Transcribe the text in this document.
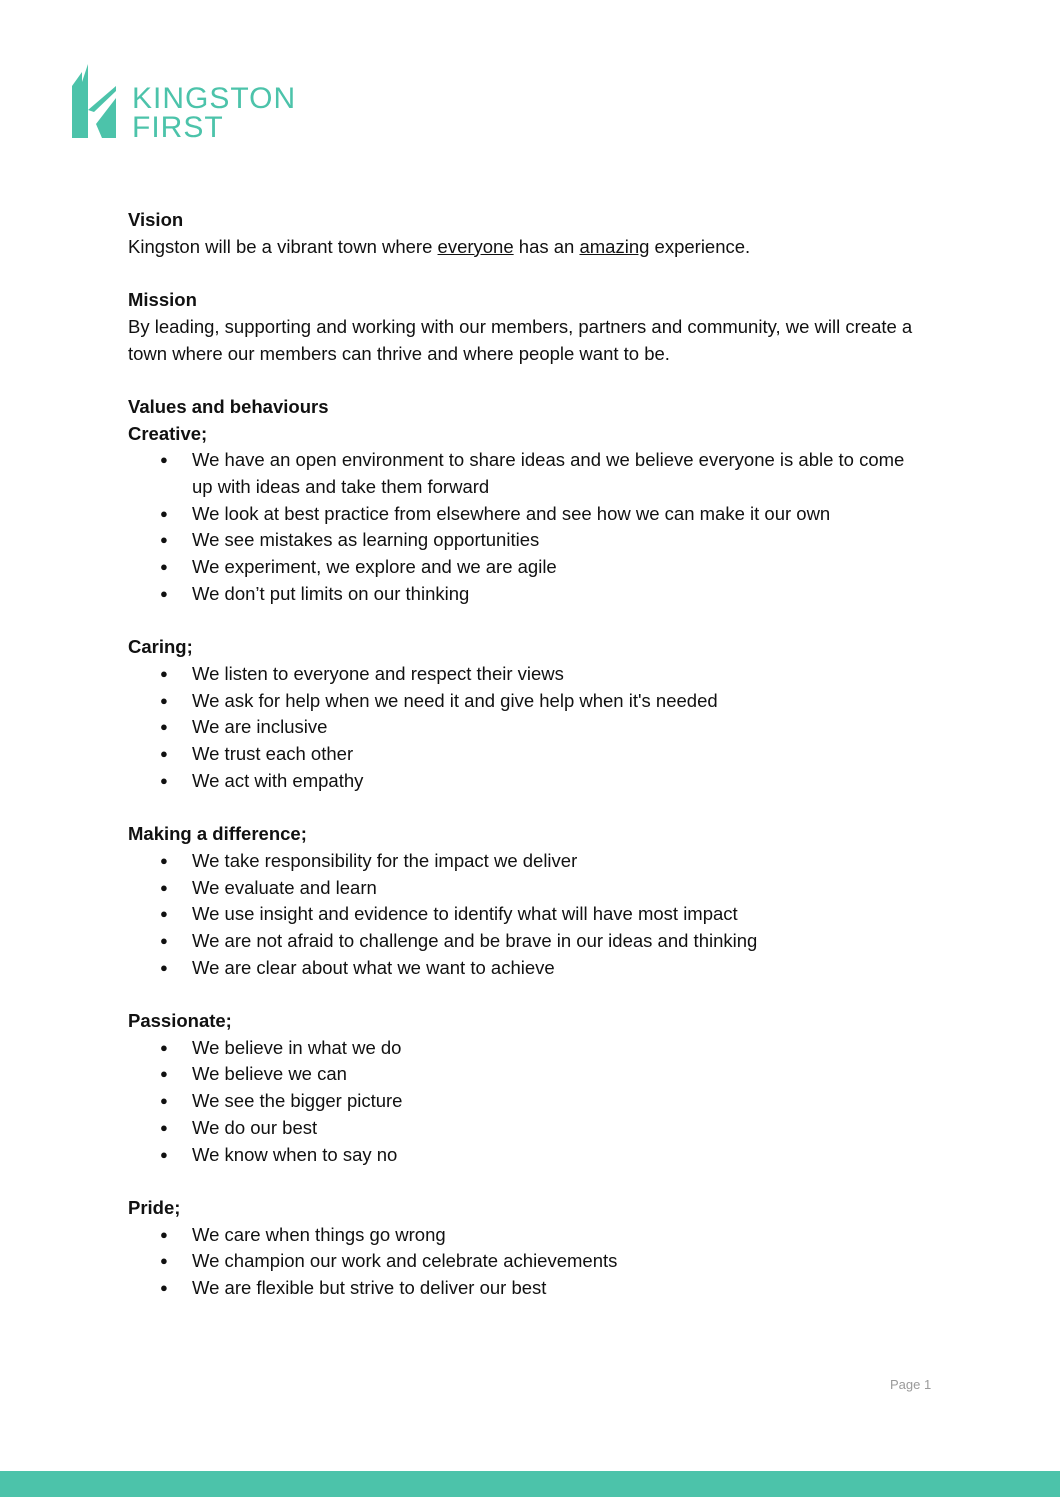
KINGSTON
FIRST
Vision

Kingston will be a vibrant town where everyone has an amazing experience.

Mission

By leading, supporting and working with our members, partners and community, we will create a town where our members can thrive and where people want to be.

Values and behaviours
Creative;
● We have an open environment to share ideas and we believe everyone is able to come up with ideas and take them forward
● We look at best practice from elsewhere and see how we can make it our own
● We see mistakes as learning opportunities
● We experiment, we explore and we are agile
● We don’t put limits on our thinking
Caring;
● We listen to everyone and respect their views
● We ask for help when we need it and give help when it's needed
● We are inclusive
● We trust each other
● We act with empathy
Making a difference;
● We take responsibility for the impact we deliver
● We evaluate and learn
● We use insight and evidence to identify what will have most impact
● We are not afraid to challenge and be brave in our ideas and thinking
● We are clear about what we want to achieve
Passionate;
● We believe in what we do
● We believe we can
● We see the bigger picture
● We do our best
● We know when to say no
Pride;
● We care when things go wrong
● We champion our work and celebrate achievements
● We are flexible but strive to deliver our best
Page 1
